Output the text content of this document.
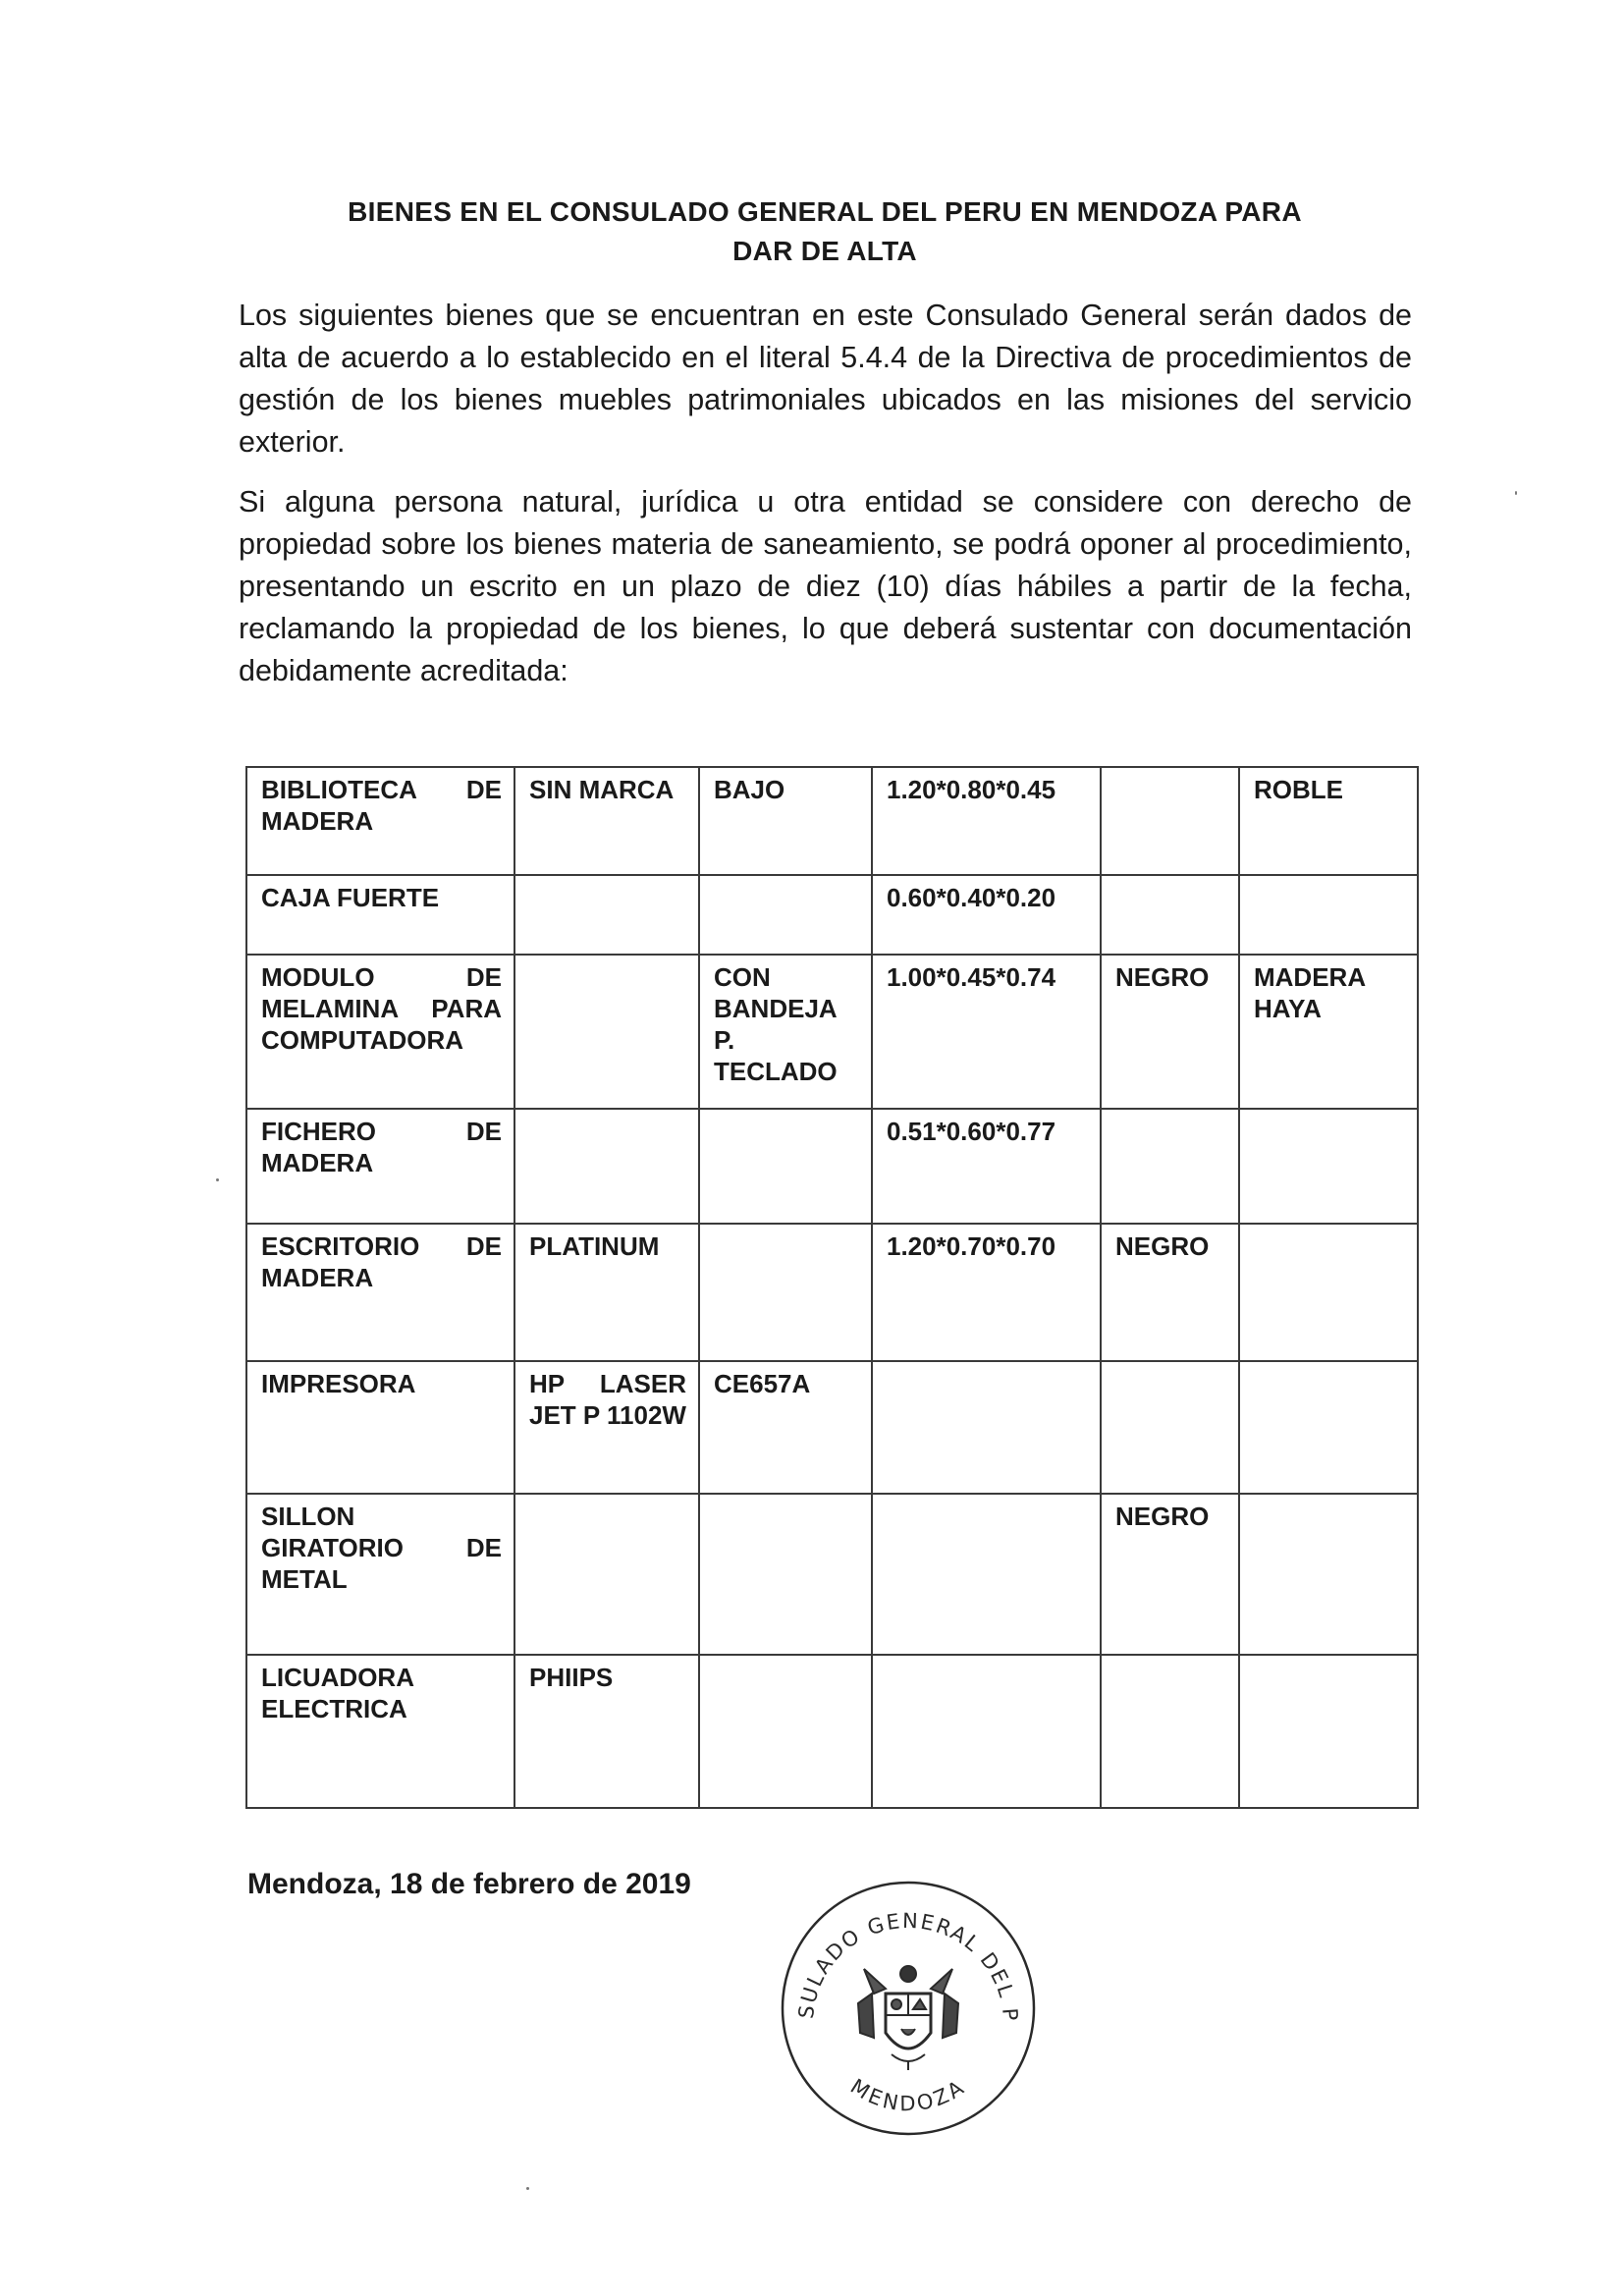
BIENES EN EL CONSULADO GENERAL DEL PERU EN MENDOZA PARA
DAR DE ALTA

Los siguientes bienes que se encuentran en este Consulado General serán dados de alta de acuerdo a lo establecido en el literal 5.4.4 de la Directiva de procedimientos de gestión de los bienes muebles patrimoniales ubicados en las misiones del servicio exterior.

Si alguna persona natural, jurídica u otra entidad se considere con derecho de propiedad sobre los bienes materia de saneamiento, se podrá oponer al procedimiento, presentando un escrito en un plazo de diez (10) días hábiles a partir de la fecha, reclamando la propiedad de los bienes, lo que deberá sustentar con documentación debidamente acreditada:

BIBLIOTECA DE MADERA	SIN MARCA	BAJO	1.20*0.80*0.45		ROBLE
CAJA FUERTE			0.60*0.40*0.20		
MODULO DE MELAMINA PARA COMPUTADORA		CON BANDEJA P. TECLADO	1.00*0.45*0.74	NEGRO	MADERA HAYA
FICHERO DE MADERA			0.51*0.60*0.77		
ESCRITORIO DE MADERA	PLATINUM		1.20*0.70*0.70	NEGRO	
IMPRESORA	HP LASER JET P 1102W	CE657A			
SILLON GIRATORIO DE METAL				NEGRO	
LICUADORA ELECTRICA	PHIIPS				
Mendoza, 18 de febrero de 2019
SULADO GENERAL DEL P
MENDOZA
